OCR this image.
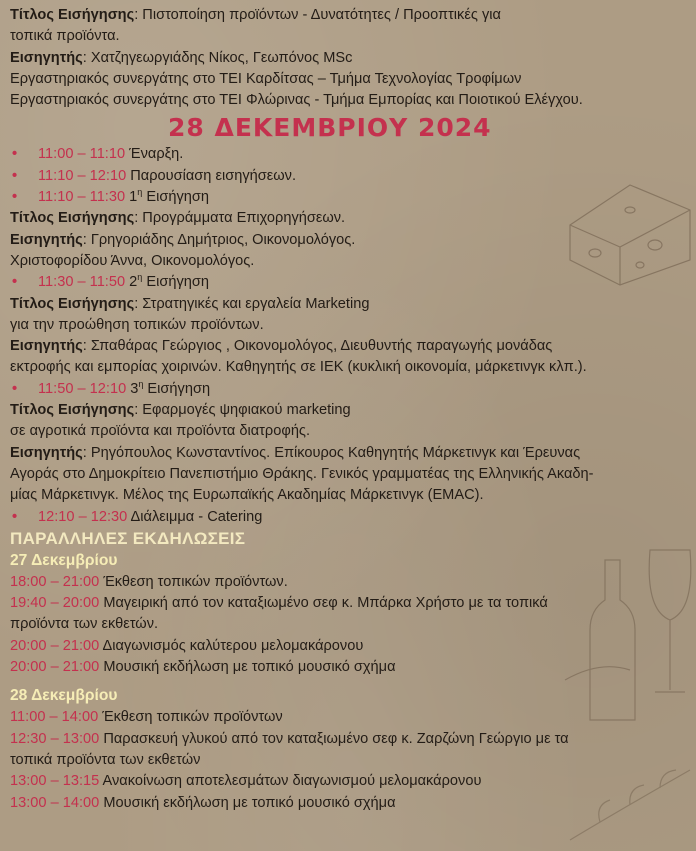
Τίτλος Εισήγησης: Πιστοποίηση προϊόντων - Δυνατότητες / Προοπτικές για
τοπικά προϊόντα.
Εισηγητής: Χατζηγεωργιάδης Νίκος, Γεωπόνος MSc
Εργαστηριακός συνεργάτης στο ΤΕΙ Καρδίτσας – Τμήμα Τεχνολογίας Τροφίμων
Εργαστηριακός συνεργάτης στο ΤΕΙ Φλώρινας - Τμήμα Εμπορίας και Ποιοτικού Ελέγχου.
28 ΔΕΚΕΜΒΡΙΟΥ 2024
• 11:00 – 11:10 Έναρξη.
• 11:10 – 12:10 Παρουσίαση εισηγήσεων.
• 11:10 – 11:30 $1^\eta$ Εισήγηση
Τίτλος Εισήγησης: Προγράμματα Επιχορηγήσεων.
Εισηγητής: Γρηγοριάδης Δημήτριος, Οικονομολόγος.
Χριστοφορίδου Άννα, Οικονομολόγος.
• 11:30 – 11:50 $2^\eta$ Εισήγηση
Τίτλος Εισήγησης: Στρατηγικές και εργαλεία Marketing
για την προώθηση τοπικών προϊόντων.
Εισηγητής: Σπαθάρας Γεώργιος , Οικονομολόγος, Διευθυντής παραγωγής μονάδας
εκτροφής και εμπορίας χοιρινών. Καθηγητής σε ΙΕΚ (κυκλική οικονομία, μάρκετινγκ κλπ.).
• 11:50 – 12:10 $3^\eta$ Εισήγηση
Τίτλος Εισήγησης: Εφαρμογές ψηφιακού marketing
σε αγροτικά προϊόντα και προϊόντα διατροφής.
Εισηγητής: Ρηγόπουλος Κωνσταντίνος. Επίκουρος Καθηγητής Μάρκετινγκ και Έρευνας
Αγοράς στο Δημοκρίτειο Πανεπιστήμιο Θράκης. Γενικός γραμματέας της Ελληνικής Ακαδη-
μίας Μάρκετινγκ. Μέλος της Ευρωπαϊκής Ακαδημίας Μάρκετινγκ (EMAC).
• 12:10 – 12:30 Διάλειμμα - Catering
ΠΑΡΑΛΛΗΛΕΣ ΕΚΔΗΛΩΣΕΙΣ
27 Δεκεμβρίου
18:00 – 21:00 Έκθεση τοπικών προϊόντων.
19:40 – 20:00 Μαγειρική από τον καταξιωμένο σεφ κ. Μπάρκα Χρήστο με τα τοπικά
προϊόντα των εκθετών.
20:00 – 21:00 Διαγωνισμός καλύτερου μελομακάρονου
20:00 – 21:00 Μουσική εκδήλωση με τοπικό μουσικό σχήμα
28 Δεκεμβρίου
11:00 – 14:00 Έκθεση τοπικών προϊόντων
12:30 – 13:00 Παρασκευή γλυκού από τον καταξιωμένο σεφ κ. Ζαρζώνη Γεώργιο με τα
τοπικά προϊόντα των εκθετών
13:00 – 13:15 Ανακοίνωση αποτελεσμάτων διαγωνισμού μελομακάρονου
13:00 – 14:00 Μουσική εκδήλωση με τοπικό μουσικό σχήμα
